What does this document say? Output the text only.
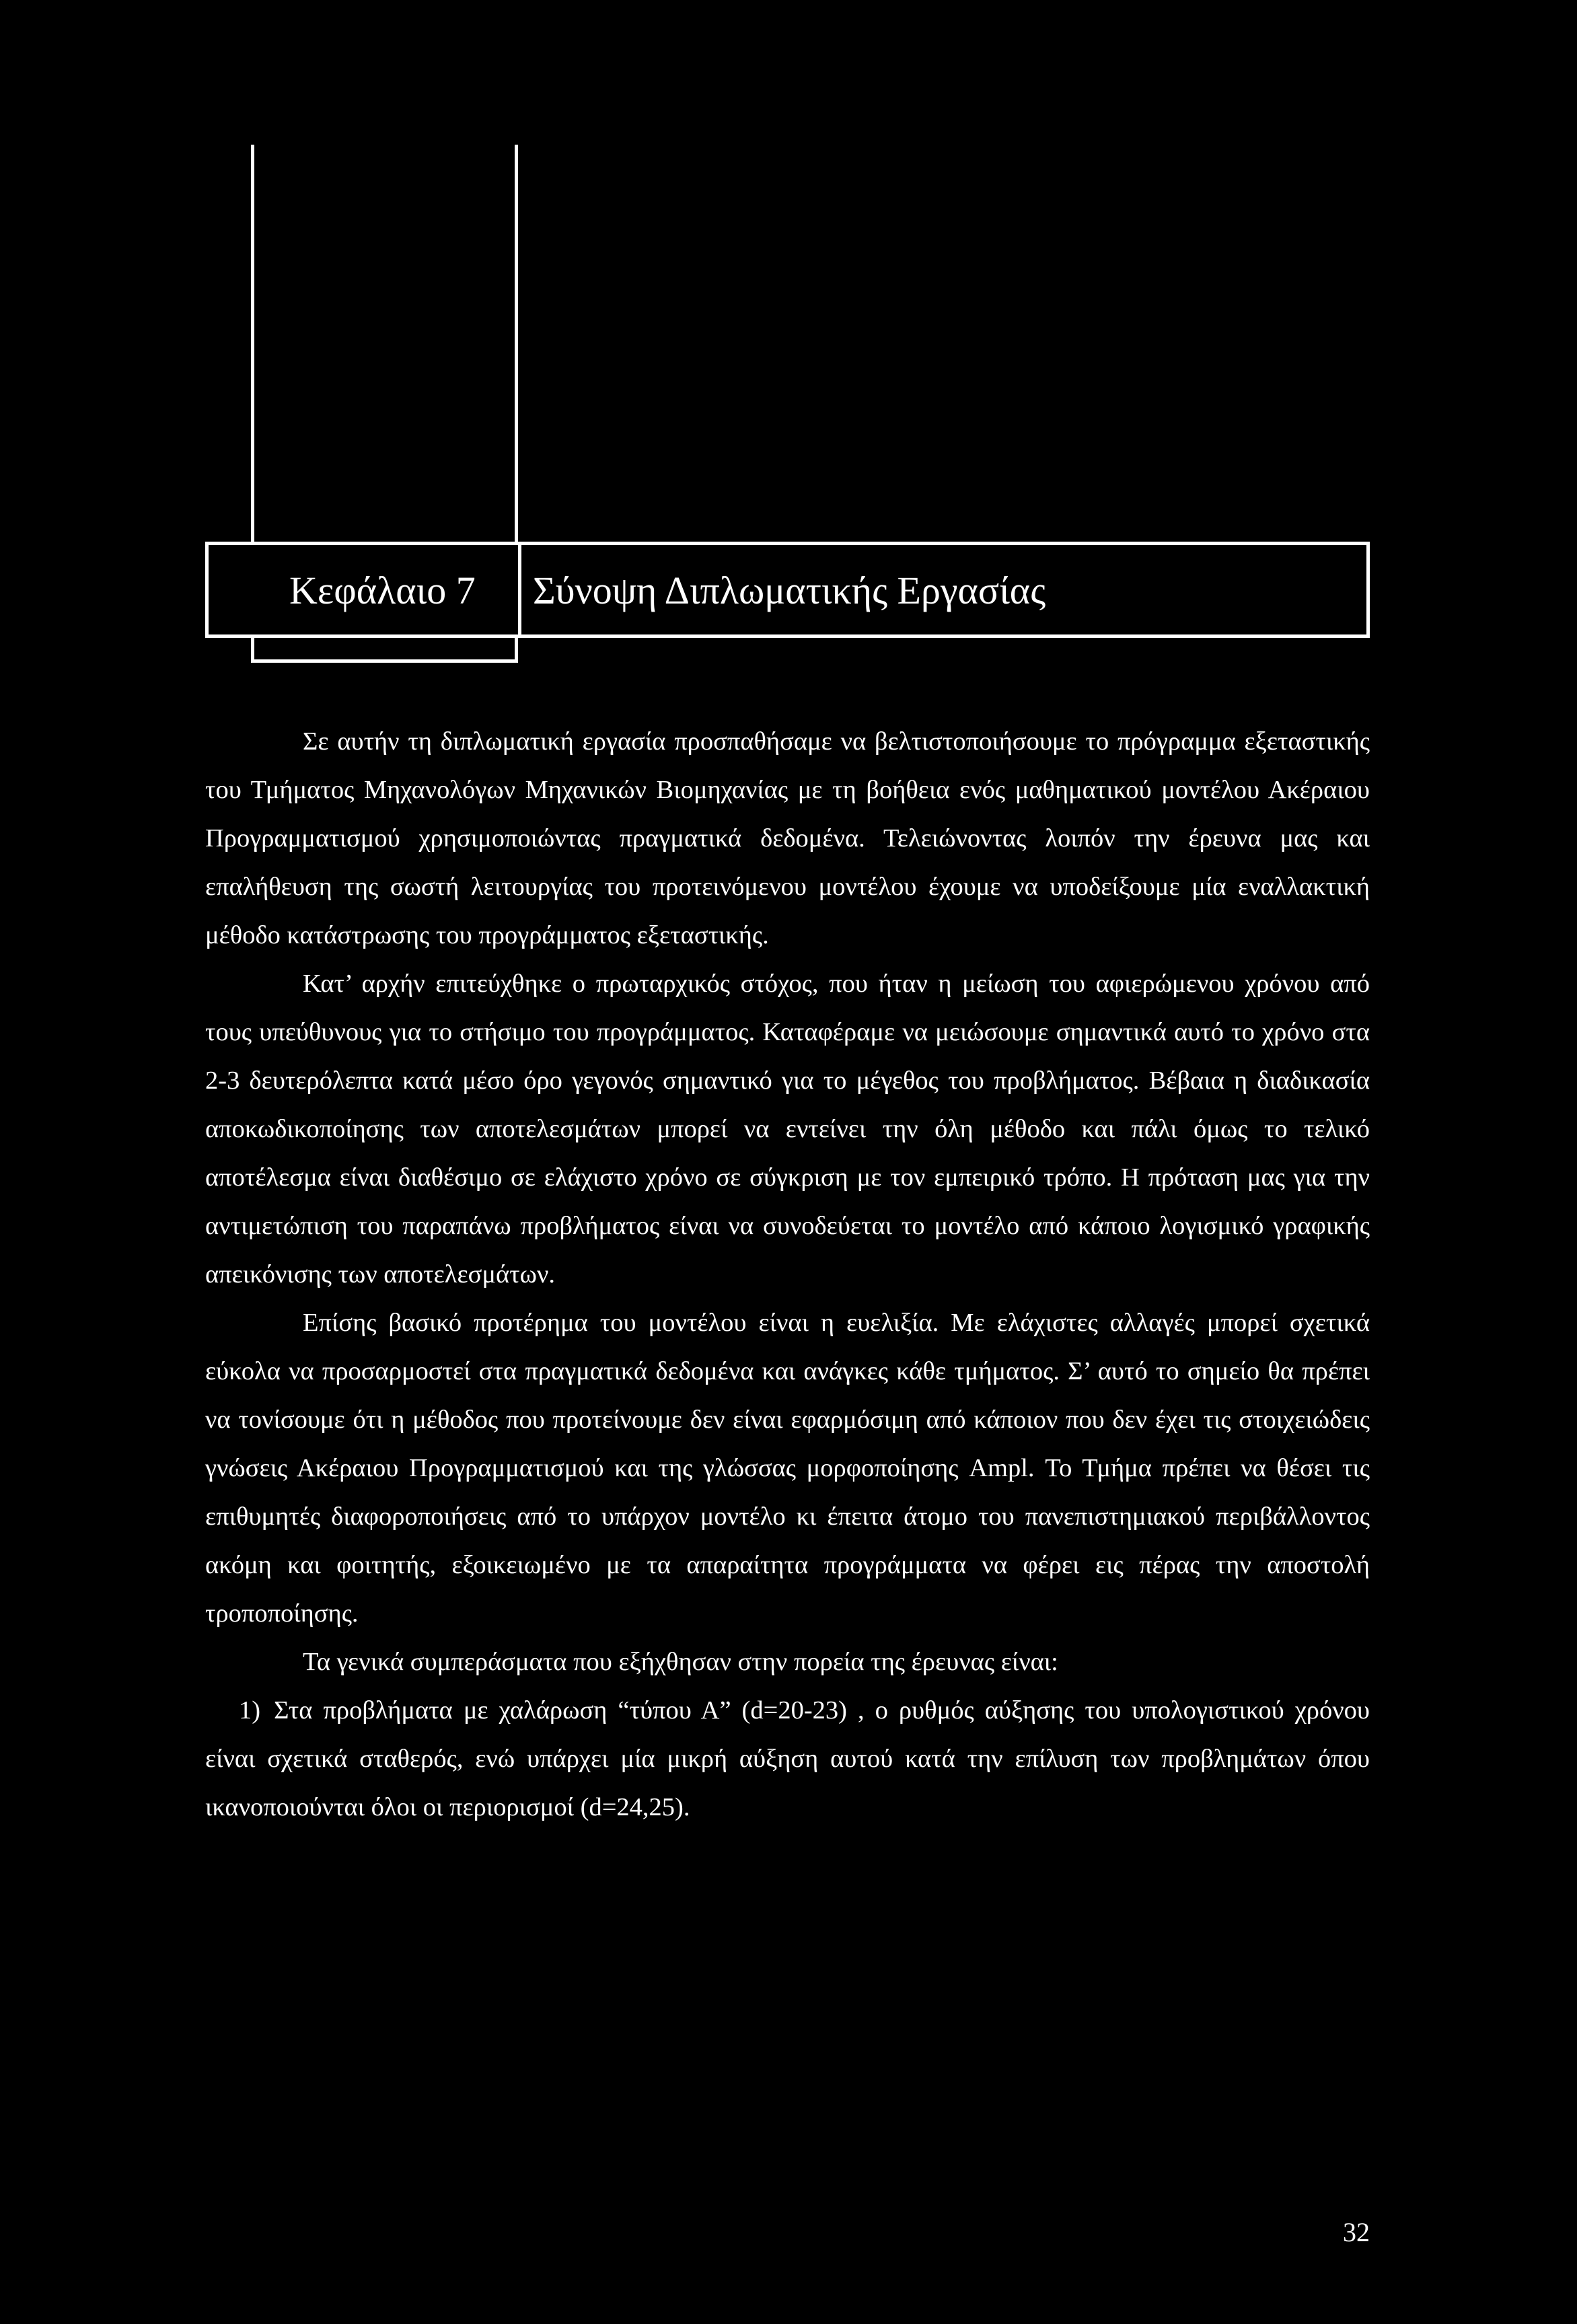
Κεφάλαιο 7 Σύνοψη Διπλωματικής Εργασίας

Σε αυτήν τη διπλωματική εργασία προσπαθήσαμε να βελτιστοποιήσουμε το πρόγραμμα εξεταστικής του Τμήματος Μηχανολόγων Μηχανικών Βιομηχανίας με τη βοήθεια ενός μαθηματικού μοντέλου Ακέραιου Προγραμματισμού χρησιμοποιώντας πραγματικά δεδομένα. Τελειώνοντας λοιπόν την έρευνα μας και επαλήθευση της σωστή λειτουργίας του προτεινόμενου μοντέλου έχουμε να υποδείξουμε μία εναλλακτική μέθοδο κατάστρωσης του προγράμματος εξεταστικής.

Κατ’ αρχήν επιτεύχθηκε ο πρωταρχικός στόχος, που ήταν η μείωση του αφιερώμενου χρόνου από τους υπεύθυνους για το στήσιμο του προγράμματος. Καταφέραμε να μειώσουμε σημαντικά αυτό το χρόνο στα 2-3 δευτερόλεπτα κατά μέσο όρο γεγονός σημαντικό για το μέγεθος του προβλήματος. Βέβαια η διαδικασία αποκωδικοποίησης των αποτελεσμάτων μπορεί να εντείνει την όλη μέθοδο και πάλι όμως το τελικό αποτέλεσμα είναι διαθέσιμο σε ελάχιστο χρόνο σε σύγκριση με τον εμπειρικό τρόπο. Η πρόταση μας για την αντιμετώπιση του παραπάνω προβλήματος είναι να συνοδεύεται το μοντέλο από κάποιο λογισμικό γραφικής απεικόνισης των αποτελεσμάτων.

Επίσης βασικό προτέρημα του μοντέλου είναι η ευελιξία. Με ελάχιστες αλλαγές μπορεί σχετικά εύκολα να προσαρμοστεί στα πραγματικά δεδομένα και ανάγκες κάθε τμήματος. Σ’ αυτό το σημείο θα πρέπει να τονίσουμε ότι η μέθοδος που προτείνουμε δεν είναι εφαρμόσιμη από κάποιον που δεν έχει τις στοιχειώδεις γνώσεις Ακέραιου Προγραμματισμού και της γλώσσας μορφοποίησης Ampl. Το Τμήμα πρέπει να θέσει τις επιθυμητές διαφοροποιήσεις από το υπάρχον μοντέλο κι έπειτα άτομο του πανεπιστημιακού περιβάλλοντος ακόμη και φοιτητής, εξοικειωμένο με τα απαραίτητα προγράμματα να φέρει εις πέρας την αποστολή τροποποίησης.

Τα γενικά συμπεράσματα που εξήχθησαν στην πορεία της έρευνας είναι:

1) Στα προβλήματα με χαλάρωση “τύπου Α” (d=20-23) , ο ρυθμός αύξησης του υπολογιστικού χρόνου είναι σχετικά σταθερός, ενώ υπάρχει μία μικρή αύξηση αυτού κατά την επίλυση των προβλημάτων όπου ικανοποιούνται όλοι οι περιορισμοί (d=24,25).
32
